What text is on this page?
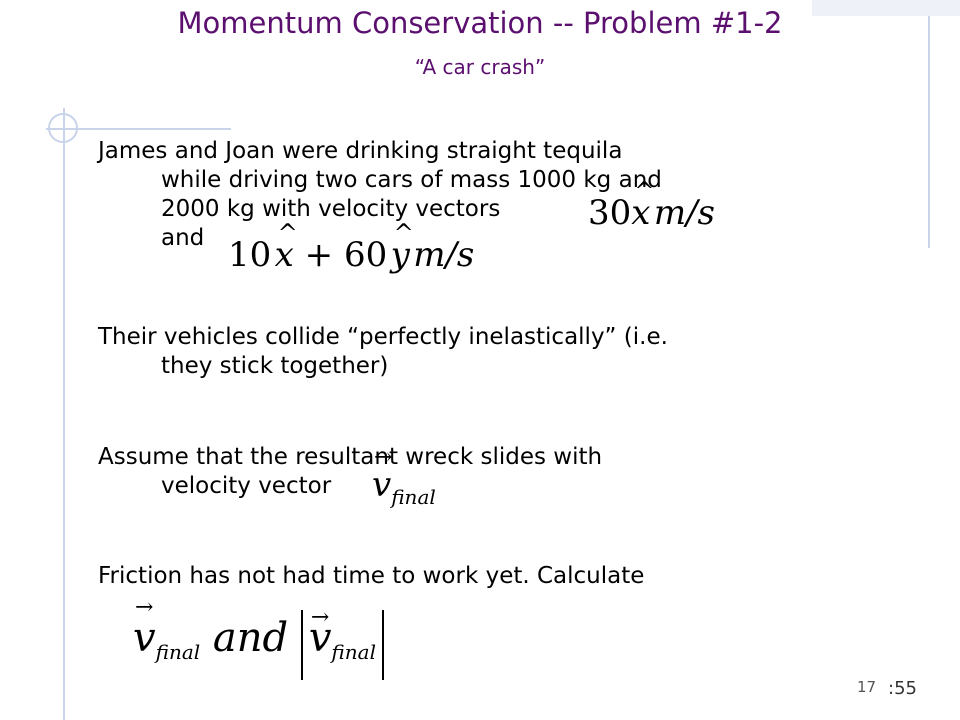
Momentum Conservation -- Problem #1-2
“A car crash”
James and Joan were drinking straight tequila
while driving two cars of mass 1000 kg and
2000 kg with velocity vectors
and
30^ x m/s
10 ^ x + 60 ^ y m/s
Their vehicles collide “perfectly inelastically” (i.e.
they stick together)
Assume that the resultant wreck slides with
velocity vector	→ $v_{final}$
Friction has not had time to work yet. Calculate
→ $v_{final}$ and → $v_{final}$
17 :55
